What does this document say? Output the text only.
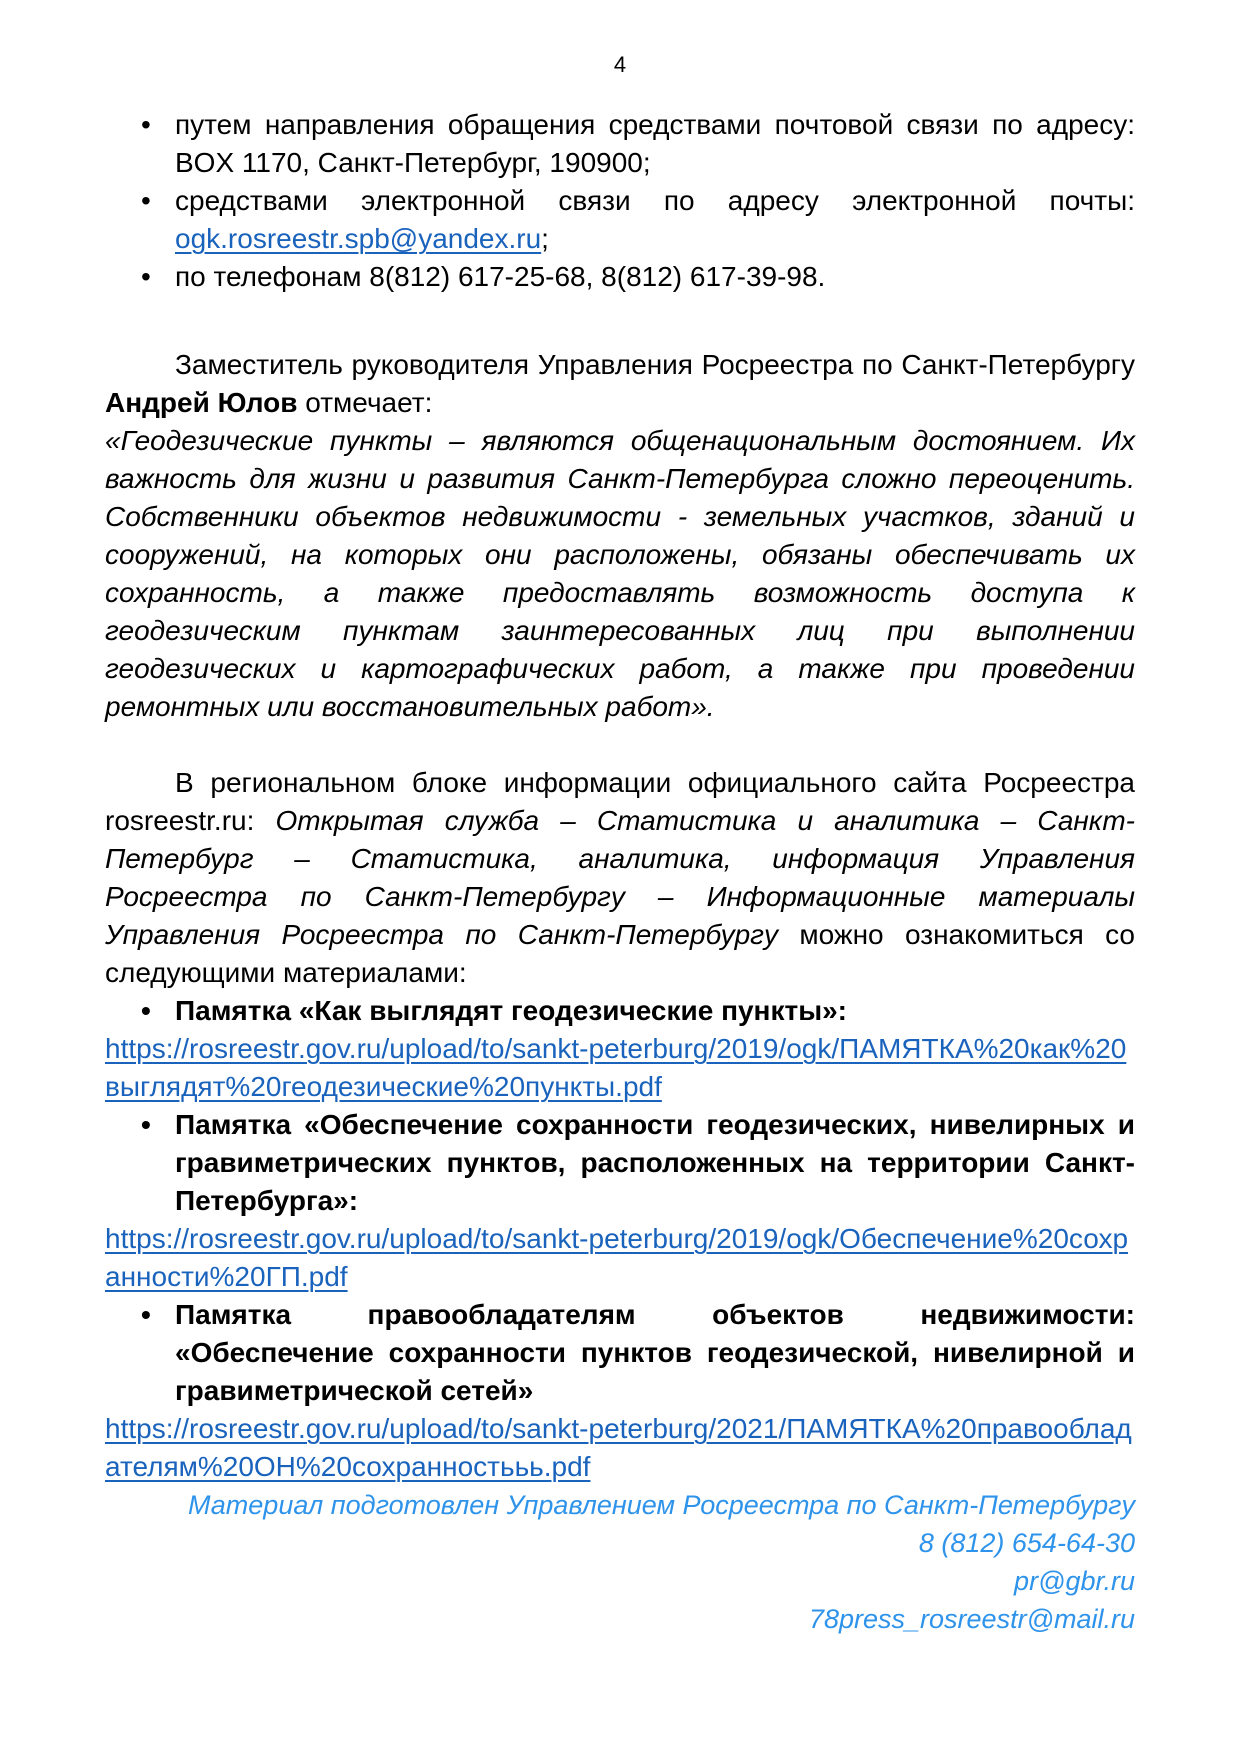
4
• путем направления обращения средствами почтовой связи по адресу: BOX 1170, Санкт-Петербург, 190900;
• средствами электронной связи по адресу электронной почты: ogk.rosreestr.spb@yandex.ru;
• по телефонам 8(812) 617-25-68, 8(812) 617-39-98.

Заместитель руководителя Управления Росреестра по Санкт-Петербургу Андрей Юлов отмечает:

«Геодезические пункты – являются общенациональным достоянием. Их важность для жизни и развития Санкт-Петербурга сложно переоценить. Собственники объектов недвижимости - земельных участков, зданий и сооружений, на которых они расположены, обязаны обеспечивать их сохранность, а также предоставлять возможность доступа к геодезическим пунктам заинтересованных лиц при выполнении геодезических и картографических работ, а также при проведении ремонтных или восстановительных работ».

В региональном блоке информации официального сайта Росреестра rosreestr.ru: Открытая служба – Статистика и аналитика – Санкт-Петербург – Статистика, аналитика, информация Управления Росреестра по Санкт-Петербургу – Информационные материалы Управления Росреестра по Санкт-Петербургу можно ознакомиться со следующими материалами:

• Памятка «Как выглядят геодезические пункты»:
https://rosreestr.gov.ru/upload/to/sankt-peterburg/2019/ogk/ПАМЯТКА%20как%20выглядят%20геодезические%20пункты.pdf
• Памятка «Обеспечение сохранности геодезических, нивелирных и гравиметрических пунктов, расположенных на территории Санкт-Петербурга»:
https://rosreestr.gov.ru/upload/to/sankt-peterburg/2019/ogk/Обеспечение%20сохранности%20ГП.pdf
• Памятка правообладателям объектов недвижимости: «Обеспечение сохранности пунктов геодезической, нивелирной и гравиметрической сетей»
https://rosreestr.gov.ru/upload/to/sankt-peterburg/2021/ПАМЯТКА%20правообладателям%20ОН%20сохранностььь.pdf
Материал подготовлен Управлением Росреестра по Санкт-Петербургу
8 (812) 654-64-30
pr@gbr.ru
78press_rosreestr@mail.ru
